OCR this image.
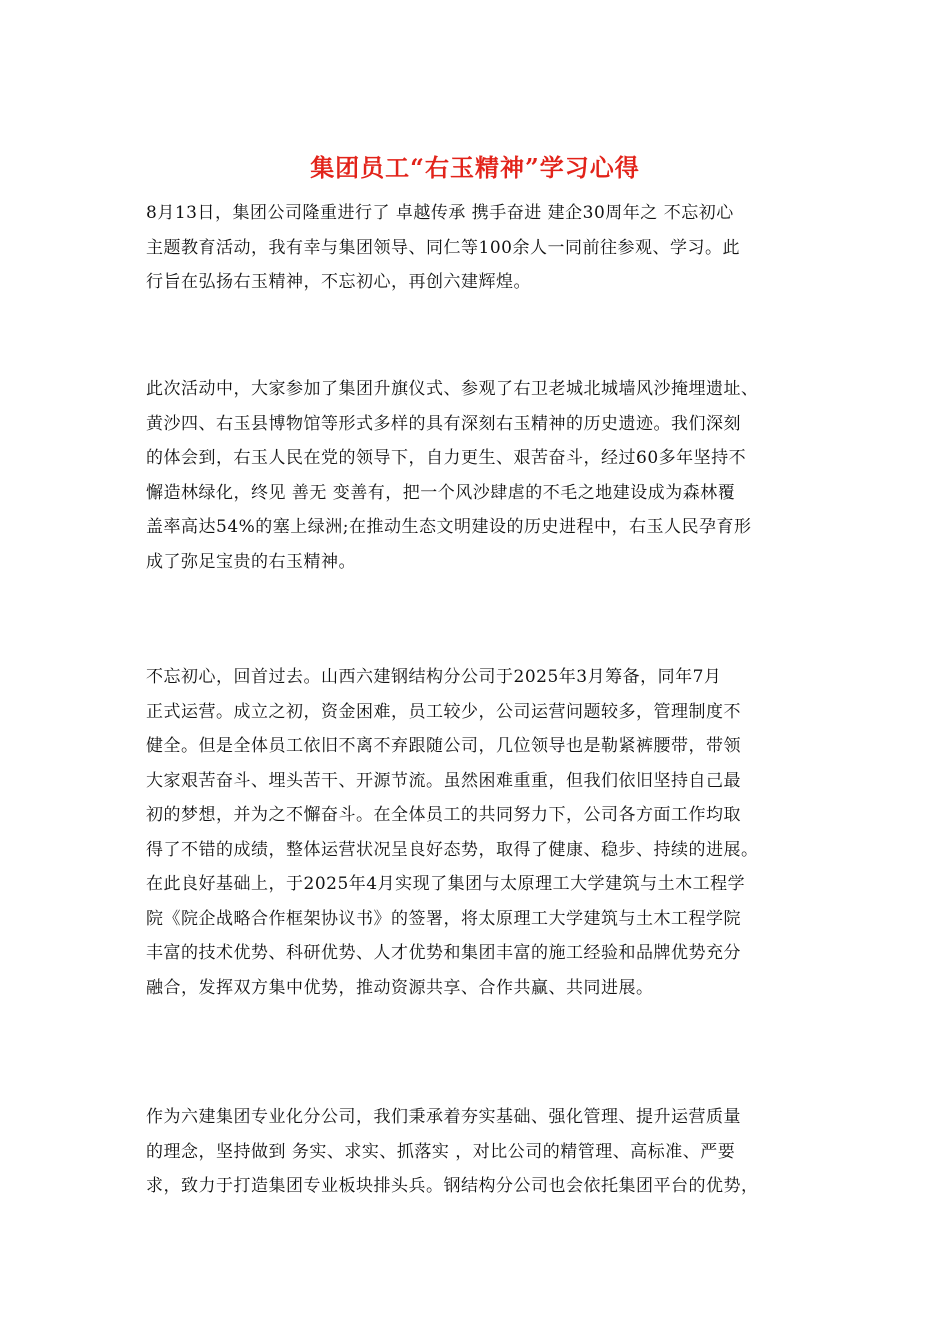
集团员工“右玉精神”学习心得
8月13日，集团公司隆重进行了 卓越传承 携手奋进 建企30周年之 不忘初心
主题教育活动，我有幸与集团领导、同仁等100余人一同前往参观、学习。此
行旨在弘扬右玉精神，不忘初心，再创六建辉煌。
此次活动中，大家参加了集团升旗仪式、参观了右卫老城北城墙风沙掩埋遗址、
黄沙四、右玉县博物馆等形式多样的具有深刻右玉精神的历史遗迹。我们深刻
的体会到，右玉人民在党的领导下，自力更生、艰苦奋斗，经过60多年坚持不
懈造林绿化，终见 善无 变善有，把一个风沙肆虐的不毛之地建设成为森林覆
盖率高达54%的塞上绿洲;在推动生态文明建设的历史进程中，右玉人民孕育形
成了弥足宝贵的右玉精神。
不忘初心，回首过去。山西六建钢结构分公司于2025年3月筹备，同年7月
正式运营。成立之初，资金困难，员工较少，公司运营问题较多，管理制度不
健全。但是全体员工依旧不离不弃跟随公司，几位领导也是勒紧裤腰带，带领
大家艰苦奋斗、埋头苦干、开源节流。虽然困难重重，但我们依旧坚持自己最
初的梦想，并为之不懈奋斗。在全体员工的共同努力下，公司各方面工作均取
得了不错的成绩，整体运营状况呈良好态势，取得了健康、稳步、持续的进展。
在此良好基础上，于2025年4月实现了集团与太原理工大学建筑与土木工程学
院《院企战略合作框架协议书》的签署，将太原理工大学建筑与土木工程学院
丰富的技术优势、科研优势、人才优势和集团丰富的施工经验和品牌优势充分
融合，发挥双方集中优势，推动资源共享、合作共赢、共同进展。
作为六建集团专业化分公司，我们秉承着夯实基础、强化管理、提升运营质量
的理念，坚持做到 务实、求实、抓落实 ，对比公司的精管理、高标准、严要
求，致力于打造集团专业板块排头兵。钢结构分公司也会依托集团平台的优势，
